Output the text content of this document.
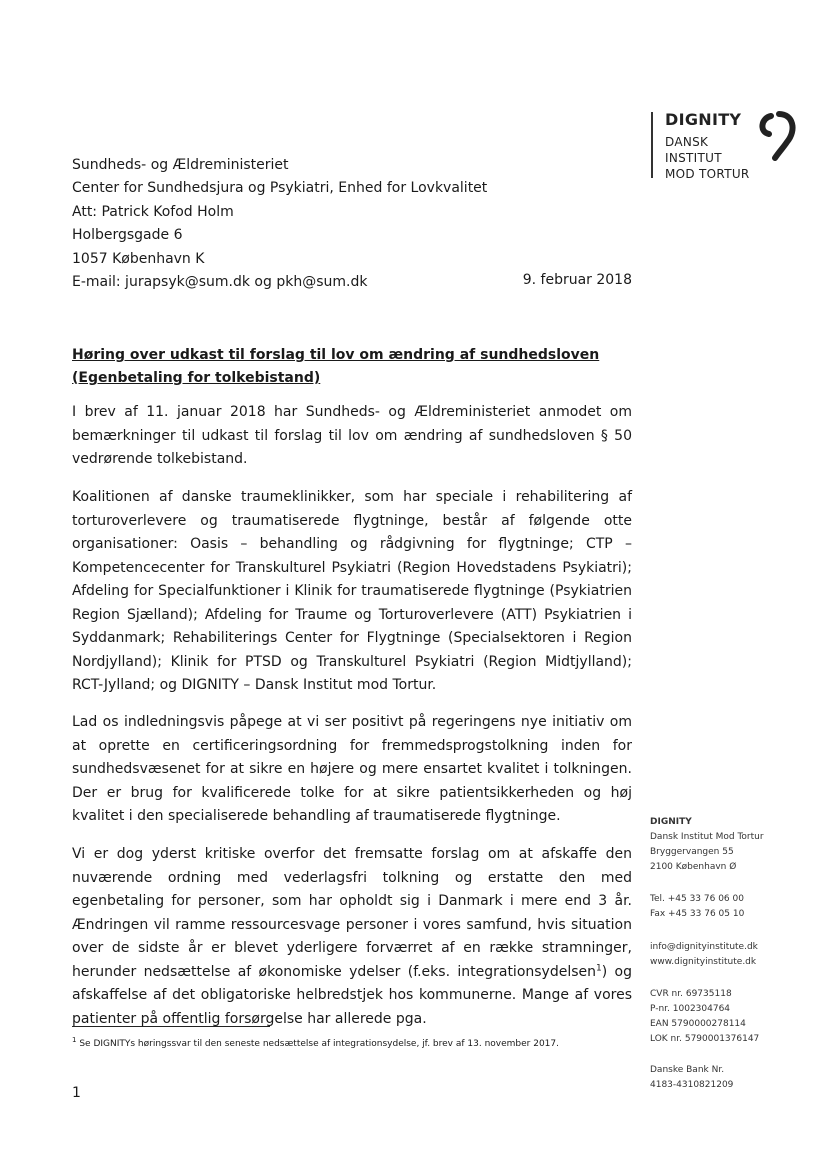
DIGNITY
DANSK
INSTITUT
MOD TORTUR
Sundheds- og Ældreministeriet
Center for Sundhedsjura og Psykiatri, Enhed for Lovkvalitet
Att: Patrick Kofod Holm
Holbergsgade 6
1057 København K
E-mail: jurapsyk@sum.dk og pkh@sum.dk	9. februar 2018
Høring over udkast til forslag til lov om ændring af sundhedsloven (Egenbetaling for tolkebistand)
I brev af 11. januar 2018 har Sundheds- og Ældreministeriet anmodet om bemærkninger til udkast til forslag til lov om ændring af sundhedsloven § 50 vedrørende tolkebistand.
Koalitionen af danske traumeklinikker, som har speciale i rehabilitering af torturoverlevere og traumatiserede flygtninge, består af følgende otte organisationer: Oasis – behandling og rådgivning for flygtninge; CTP – Kompetencecenter for Transkulturel Psykiatri (Region Hovedstadens Psykiatri); Afdeling for Specialfunktioner i Klinik for traumatiserede flygtninge (Psykiatrien Region Sjælland); Afdeling for Traume og Torturoverlevere (ATT) Psykiatrien i Syddanmark; Rehabiliterings Center for Flygtninge (Specialsektoren i Region Nordjylland); Klinik for PTSD og Transkulturel Psykiatri (Region Midtjylland); RCT-Jylland; og DIGNITY – Dansk Institut mod Tortur.
Lad os indledningsvis påpege at vi ser positivt på regeringens nye initiativ om at oprette en certificeringsordning for fremmedsprogstolkning inden for sundhedsvæsenet for at sikre en højere og mere ensartet kvalitet i tolkningen. Der er brug for kvalificerede tolke for at sikre patientsikkerheden og høj kvalitet i den specialiserede behandling af traumatiserede flygtninge.
Vi er dog yderst kritiske overfor det fremsatte forslag om at afskaffe den nuværende ordning med vederlagsfri tolkning og erstatte den med egenbetaling for personer, som har opholdt sig i Danmark i mere end 3 år. Ændringen vil ramme ressourcesvage personer i vores samfund, hvis situation over de sidste år er blevet yderligere forværret af en række stramninger, herunder nedsættelse af økonomiske ydelser (f.eks. integrationsydelsen$^1$) og afskaffelse af det obligatoriske helbredstjek hos kommunerne. Mange af vores patienter på offentlig forsørgelse har allerede pga.
$^1$ Se DIGNITYs høringssvar til den seneste nedsættelse af integrationsydelse, jf. brev af 13. november 2017.
1
DIGNITY
Dansk Institut Mod Tortur
Bryggervangen 55
2100 København Ø
Tel. +45 33 76 06 00
Fax +45 33 76 05 10
info@dignityinstitute.dk
www.dignityinstitute.dk
CVR nr. 69735118
P-nr. 1002304764
EAN 5790000278114
LOK nr. 5790001376147
Danske Bank Nr.
4183-4310821209
